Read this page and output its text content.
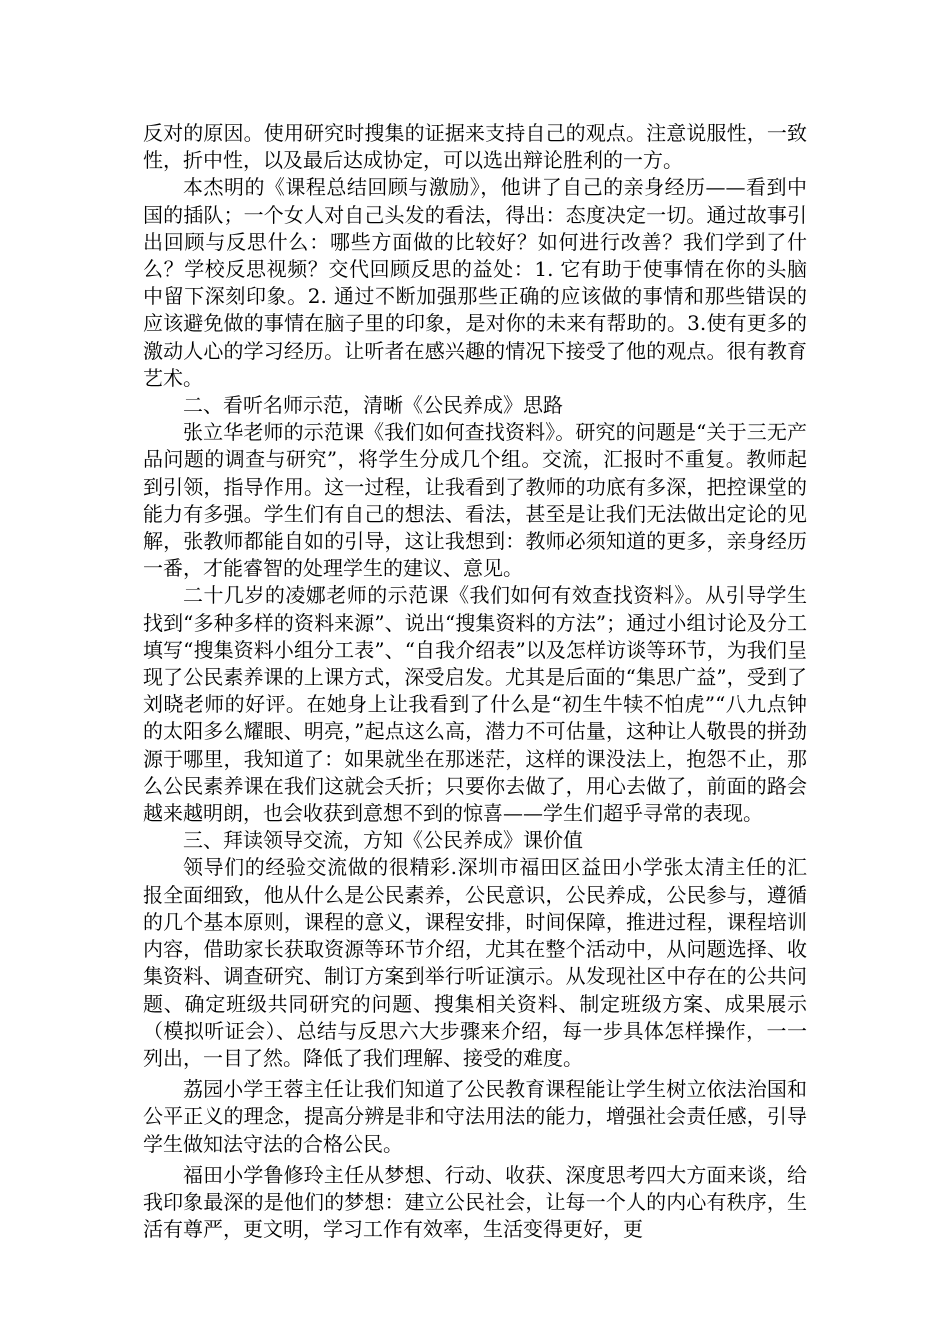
反对的原因。使用研究时搜集的证据来支持自己的观点。注意说服性，一致性，折中性，以及最后达成协定，可以选出辩论胜利的一方。

本杰明的《课程总结回顾与激励》，他讲了自己的亲身经历——看到中国的插队；一个女人对自己头发的看法，得出：态度决定一切。通过故事引出回顾与反思什么：哪些方面做的比较好？如何进行改善？我们学到了什么？学校反思视频？交代回顾反思的益处：1. 它有助于使事情在你的头脑中留下深刻印象。2. 通过不断加强那些正确的应该做的事情和那些错误的应该避免做的事情在脑子里的印象，是对你的未来有帮助的。3.使有更多的激动人心的学习经历。让听者在感兴趣的情况下接受了他的观点。很有教育艺术。

二、看听名师示范，清晰《公民养成》思路

张立华老师的示范课《我们如何查找资料》。研究的问题是“关于三无产品问题的调查与研究”，将学生分成几个组。交流，汇报时不重复。教师起到引领，指导作用。这一过程，让我看到了教师的功底有多深，把控课堂的能力有多强。学生们有自己的想法、看法，甚至是让我们无法做出定论的见解，张教师都能自如的引导，这让我想到：教师必须知道的更多，亲身经历一番，才能睿智的处理学生的建议、意见。

二十几岁的凌娜老师的示范课《我们如何有效查找资料》。从引导学生找到“多种多样的资料来源”、说出“搜集资料的方法”；通过小组讨论及分工填写“搜集资料小组分工表”、“自我介绍表”以及怎样访谈等环节，为我们呈现了公民素养课的上课方式，深受启发。尤其是后面的“集思广益”，受到了刘晓老师的好评。在她身上让我看到了什么是“初生牛犊不怕虎”“八九点钟的太阳多么耀眼、明亮，”起点这么高，潜力不可估量，这种让人敬畏的拼劲源于哪里，我知道了：如果就坐在那迷茫，这样的课没法上，抱怨不止，那么公民素养课在我们这就会夭折；只要你去做了，用心去做了，前面的路会越来越明朗，也会收获到意想不到的惊喜——学生们超乎寻常的表现。

三、拜读领导交流，方知《公民养成》课价值

领导们的经验交流做的很精彩.深圳市福田区益田小学张太清主任的汇报全面细致，他从什么是公民素养，公民意识，公民养成，公民参与，遵循的几个基本原则，课程的意义，课程安排，时间保障，推进过程，课程培训内容，借助家长获取资源等环节介绍，尤其在整个活动中，从问题选择、收集资料、调查研究、制订方案到举行听证演示。从发现社区中存在的公共问题、确定班级共同研究的问题、搜集相关资料、制定班级方案、成果展示（模拟听证会）、总结与反思六大步骤来介绍，每一步具体怎样操作，一一列出，一目了然。降低了我们理解、接受的难度。

荔园小学王蓉主任让我们知道了公民教育课程能让学生树立依法治国和公平正义的理念，提高分辨是非和守法用法的能力，增强社会责任感，引导学生做知法守法的合格公民。

福田小学鲁修玲主任从梦想、行动、收获、深度思考四大方面来谈，给我印象最深的是他们的梦想：建立公民社会，让每一个人的内心有秩序，生活有尊严，更文明，学习工作有效率，生活变得更好，更
